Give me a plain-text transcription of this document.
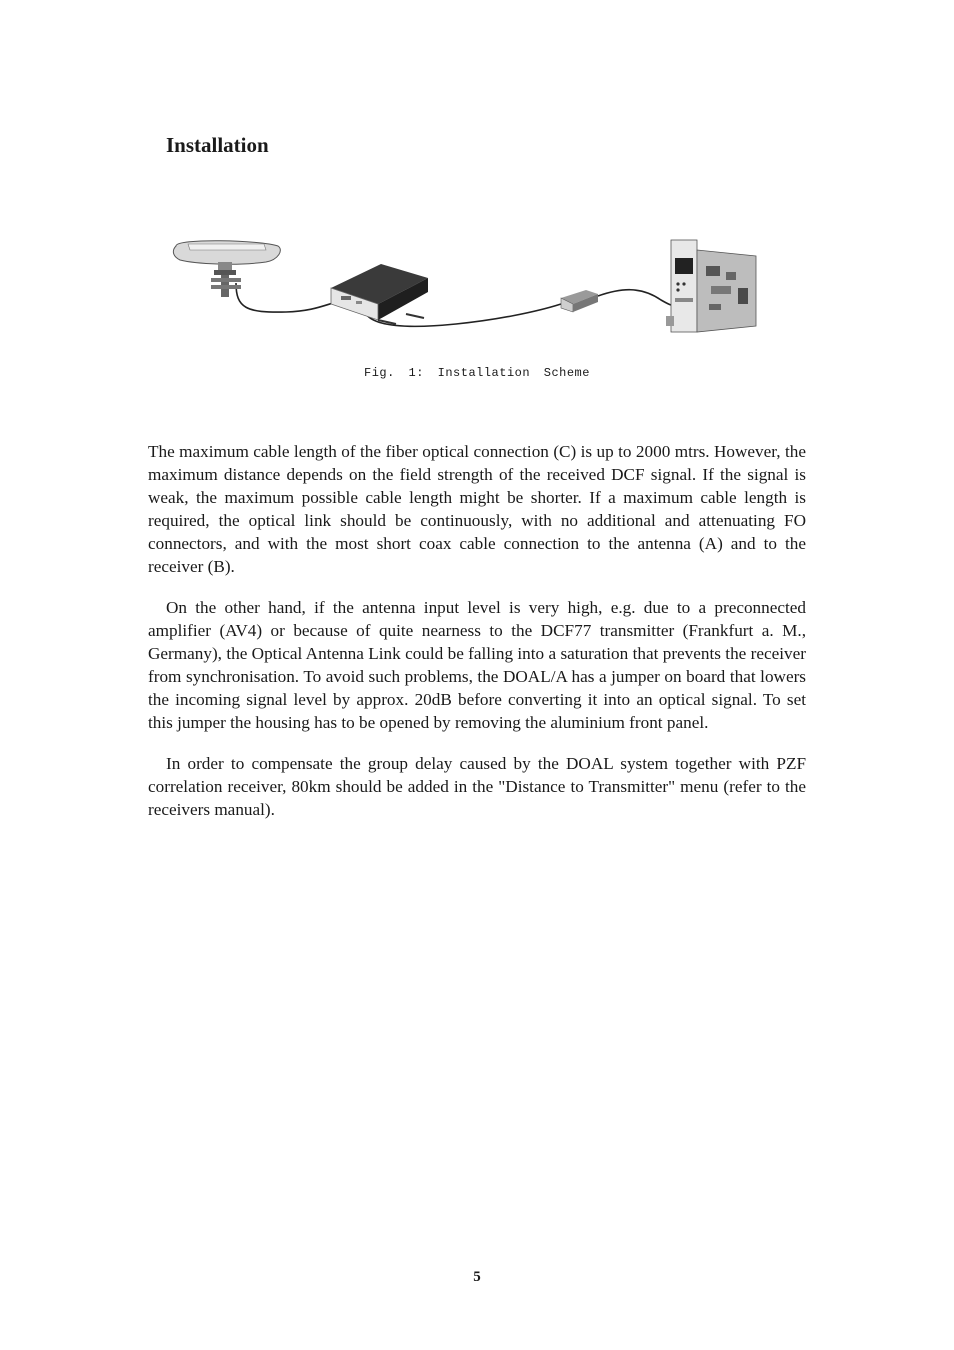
Installation
Fig. 1: Installation Scheme

The maximum cable length of the fiber optical connection (C) is up to 2000 mtrs. However, the maximum distance depends on the field strength of the received DCF signal. If the signal is weak, the maximum possible cable length might be shorter. If a maximum cable length is required, the optical link should be continuously, with no additional and attenuating FO connectors, and with the most short coax cable connection to the antenna (A) and to the receiver (B).

On the other hand, if the antenna input level is very high, e.g. due to a preconnected amplifier (AV4) or because of quite nearness to the DCF77 transmitter (Frankfurt a. M., Germany), the Optical Antenna Link could be falling into a saturation that prevents the receiver from synchronisation. To avoid such problems, the DOAL/A has a jumper on board that lowers the incoming signal level by approx. 20dB before converting it into an optical signal. To set this jumper the housing has to be opened by removing the aluminium front panel.

In order to compensate the group delay caused by the DOAL system together with PZF correlation receiver, 80km should be added in the "Distance to Transmitter" menu (refer to the receivers manual).

5
